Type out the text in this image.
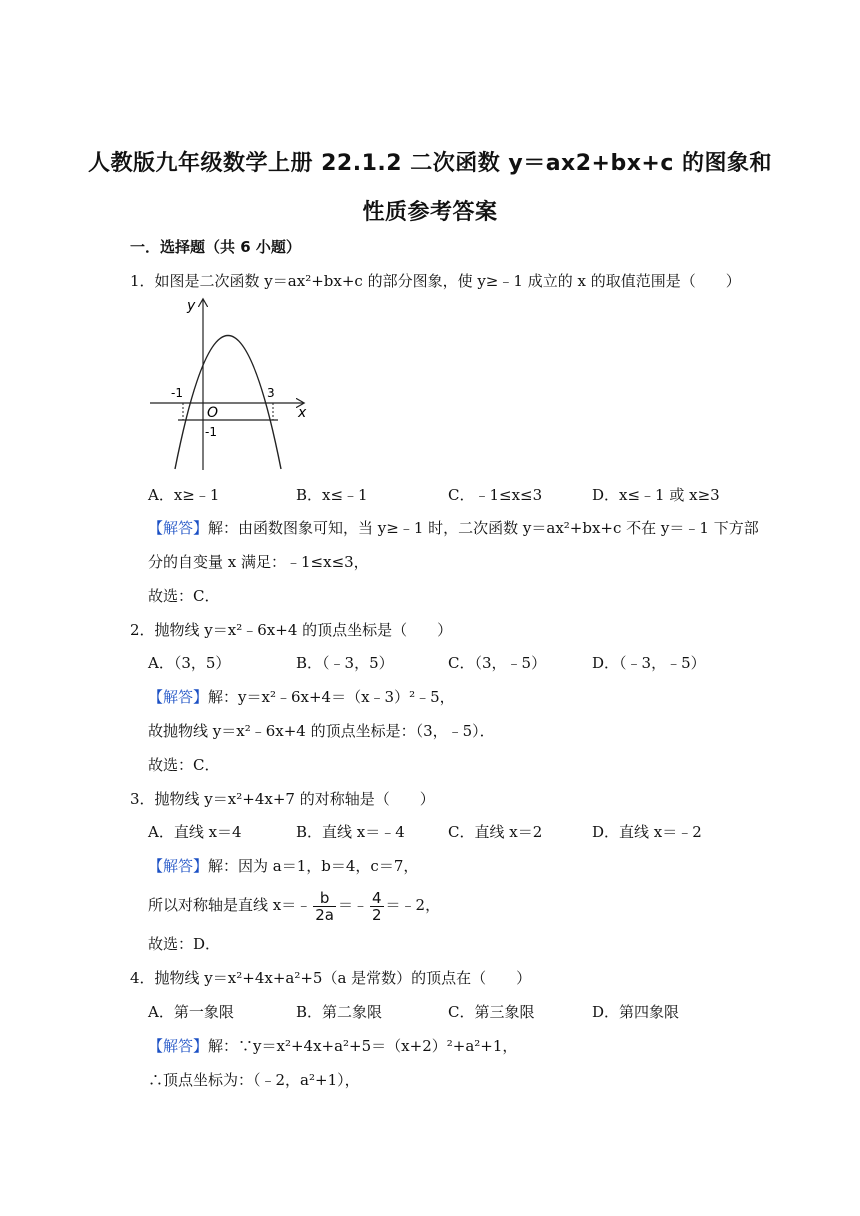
人教版九年级数学上册 22.1.2 二次函数 y＝ax2+bx+c 的图象和
性质参考答案
一．选择题（共 6 小题）
1．如图是二次函数 y＝ax²+bx+c 的部分图象，使 y≥﹣1 成立的 x 的取值范围是（　　）
y
x
O
-1	3
-1
A．x≥﹣1	B．x≤﹣1	C．﹣1≤x≤3	D．x≤﹣1 或 x≥3
【解答】解：由函数图象可知，当 y≥﹣1 时，二次函数 y＝ax²+bx+c 不在 y＝﹣1 下方部
分的自变量 x 满足：﹣1≤x≤3，
故选：C．
2．抛物线 y＝x²﹣6x+4 的顶点坐标是（　　）
A．（3，5）	B．（﹣3，5）	C．（3，﹣5）	D．（﹣3，﹣5）
【解答】解：y＝x²﹣6x+4＝（x﹣3）²﹣5，
故抛物线 y＝x²﹣6x+4 的顶点坐标是：（3，﹣5）．
故选：C．
3．抛物线 y＝x²+4x+7 的对称轴是（　　）
A．直线 x＝4	B．直线 x＝﹣4	C．直线 x＝2	D．直线 x＝﹣2
【解答】解：因为 a＝1，b＝4，c＝7，
所以对称轴是直线 x＝﹣ $\frac{b}{2a}$ ＝﹣ $\frac{4}{2}$ ＝﹣2，
故选：D．
4．抛物线 y＝x²+4x+a²+5（a 是常数）的顶点在（　　）
A．第一象限	B．第二象限	C．第三象限	D．第四象限
【解答】解：∵y＝x²+4x+a²+5＝（x+2）²+a²+1，
∴顶点坐标为：（﹣2，a²+1），
